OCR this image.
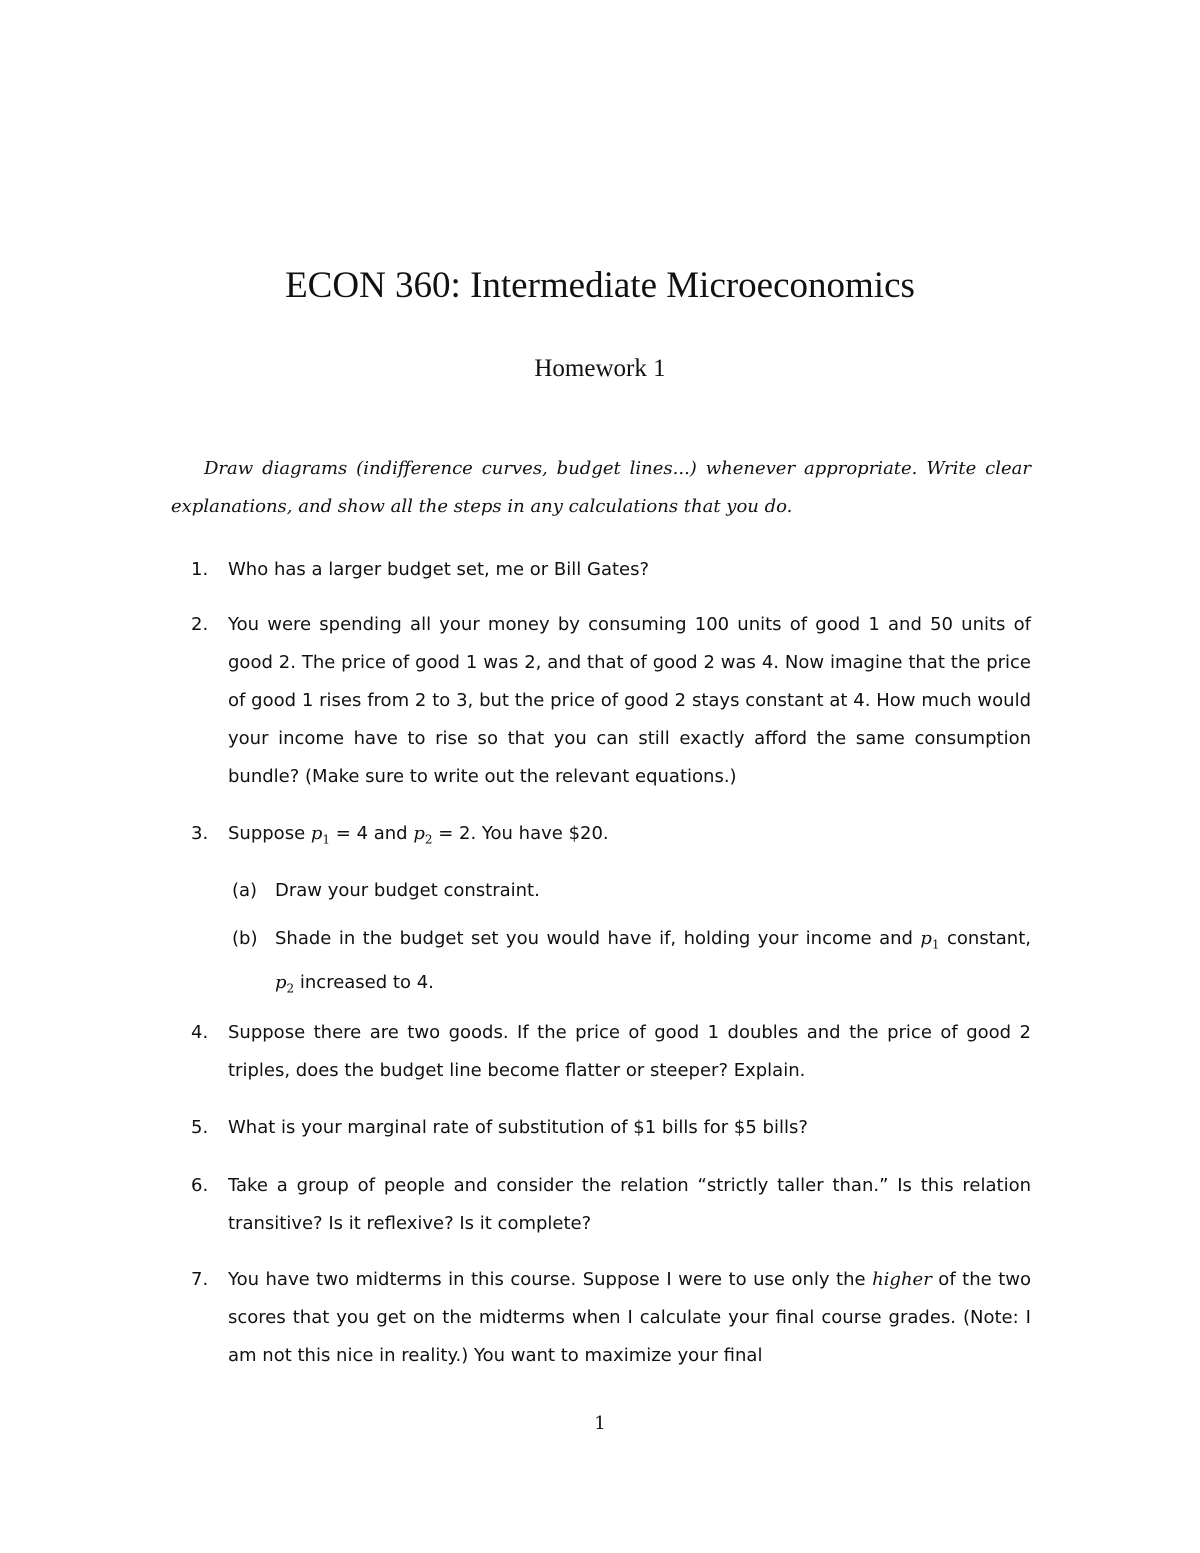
ECON 360: Intermediate Microeconomics
Homework 1

Draw diagrams (indifference curves, budget lines...) whenever appropriate. Write clear explanations, and show all the steps in any calculations that you do.

1. Who has a larger budget set, me or Bill Gates?
2. You were spending all your money by consuming 100 units of good 1 and 50 units of good 2. The price of good 1 was 2, and that of good 2 was 4. Now imagine that the price of good 1 rises from 2 to 3, but the price of good 2 stays constant at 4. How much would your income have to rise so that you can still exactly afford the same consumption bundle? (Make sure to write out the relevant equations.)
3. Suppose $p_1 = 4$ and $p_2 = 2$. You have $20.
(a) Draw your budget constraint.
(b) Shade in the budget set you would have if, holding your income and $p_1$ constant, $p_2$ increased to 4.
4. Suppose there are two goods. If the price of good 1 doubles and the price of good 2 triples, does the budget line become flatter or steeper? Explain.
5. What is your marginal rate of substitution of $1 bills for $5 bills?
6. Take a group of people and consider the relation “strictly taller than.” Is this relation transitive? Is it reflexive? Is it complete?
7. You have two midterms in this course. Suppose I were to use only the higher of the two scores that you get on the midterms when I calculate your final course grades. (Note: I am not this nice in reality.) You want to maximize your final
1
